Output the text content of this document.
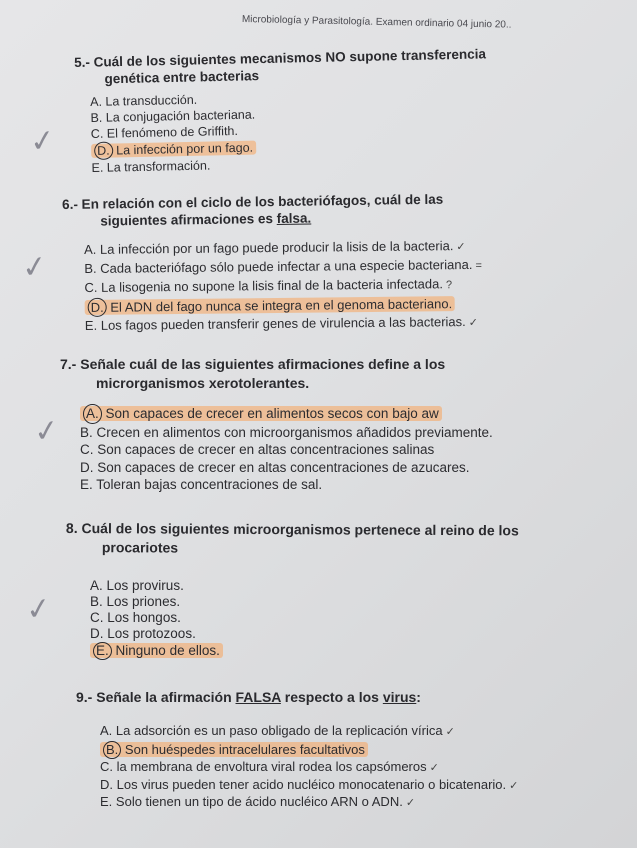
Microbiología y Parasitología. Examen ordinario 04 junio 20..
5.- Cuál de los siguientes mecanismos NO supone transferencia
genética entre bacterias
A. La transducción.
B. La conjugación bacteriana.
C. El fenómeno de Griffith.
D. La infección por un fago.
E. La transformación.
✓
6.- En relación con el ciclo de los bacteriófagos, cuál de las
siguientes afirmaciones es falsa.
A. La infección por un fago puede producir la lisis de la bacteria. ✓
B. Cada bacteriófago sólo puede infectar a una especie bacteriana. =
C. La lisogenia no supone la lisis final de la bacteria infectada. ?
D. El ADN del fago nunca se integra en el genoma bacteriano.
E. Los fagos pueden transferir genes de virulencia a las bacterias. ✓
✓
7.- Señale cuál de las siguientes afirmaciones define a los
microrganismos xerotolerantes.
A. Son capaces de crecer en alimentos secos con bajo aw
B. Crecen en alimentos con microorganismos añadidos previamente.
C. Son capaces de crecer en altas concentraciones salinas
D. Son capaces de crecer en altas concentraciones de azucares.
E. Toleran bajas concentraciones de sal.
✓
8. Cuál de los siguientes microorganismos pertenece al reino de los
procariotes
A. Los provirus.
B. Los priones.
C. Los hongos.
D. Los protozoos.
E. Ninguno de ellos.
✓
9.- Señale la afirmación FALSA respecto a los virus:
A. La adsorción es un paso obligado de la replicación vírica ✓
B. Son huéspedes intracelulares facultativos
C. la membrana de envoltura viral rodea los capsómeros ✓
D. Los virus pueden tener acido nucléico monocatenario o bicatenario. ✓
E. Solo tienen un tipo de ácido nucléico ARN o ADN. ✓
